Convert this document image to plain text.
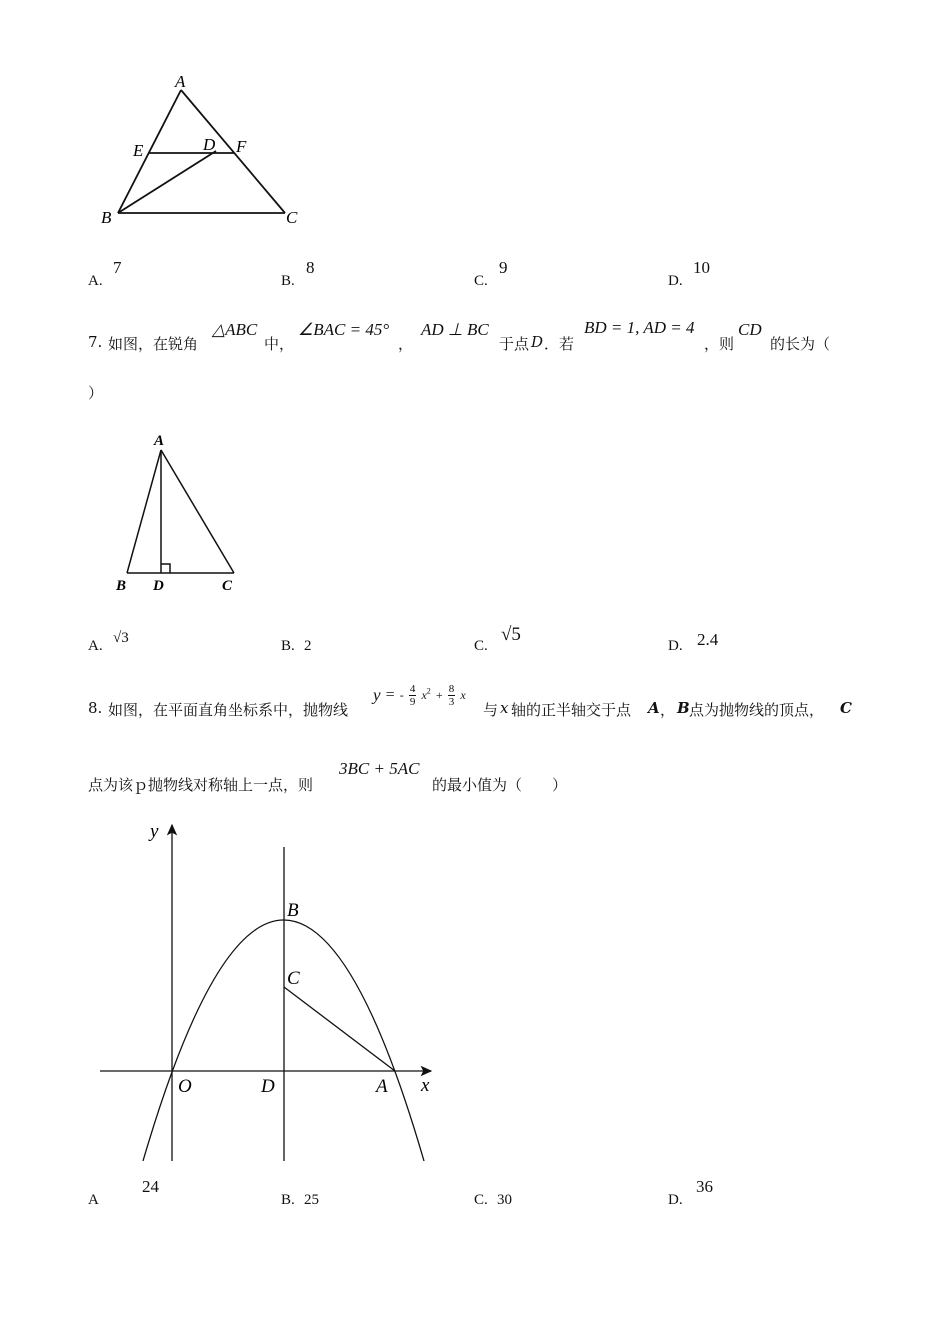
A
E	D F
B	C
A.
7
B.
8
C.
9
D.
10
7. 如图，在锐角
△ABC
中，
∠BAC = 45°
，
AD ⊥ BC
于点 D ．若
BD = 1, AD = 4
，则
CD
的长为（
）
A
B D	C
A. √3	B. 2	C.
√5
D. 2.4
8. 如图，在平面直角坐标系中，抛物线
y = - $\frac{4}{9} x^2 + \frac{8}{3}$ x
与 x 轴的正半轴交于点 A ， B 点为抛物线的顶点， C
点为该ｐ抛物线对称轴上一点，则
3BC + 5AC
的最小值为（　　）
y
x
O	D	A
B
C
A
24
B. 25	C. 30	D.
36
